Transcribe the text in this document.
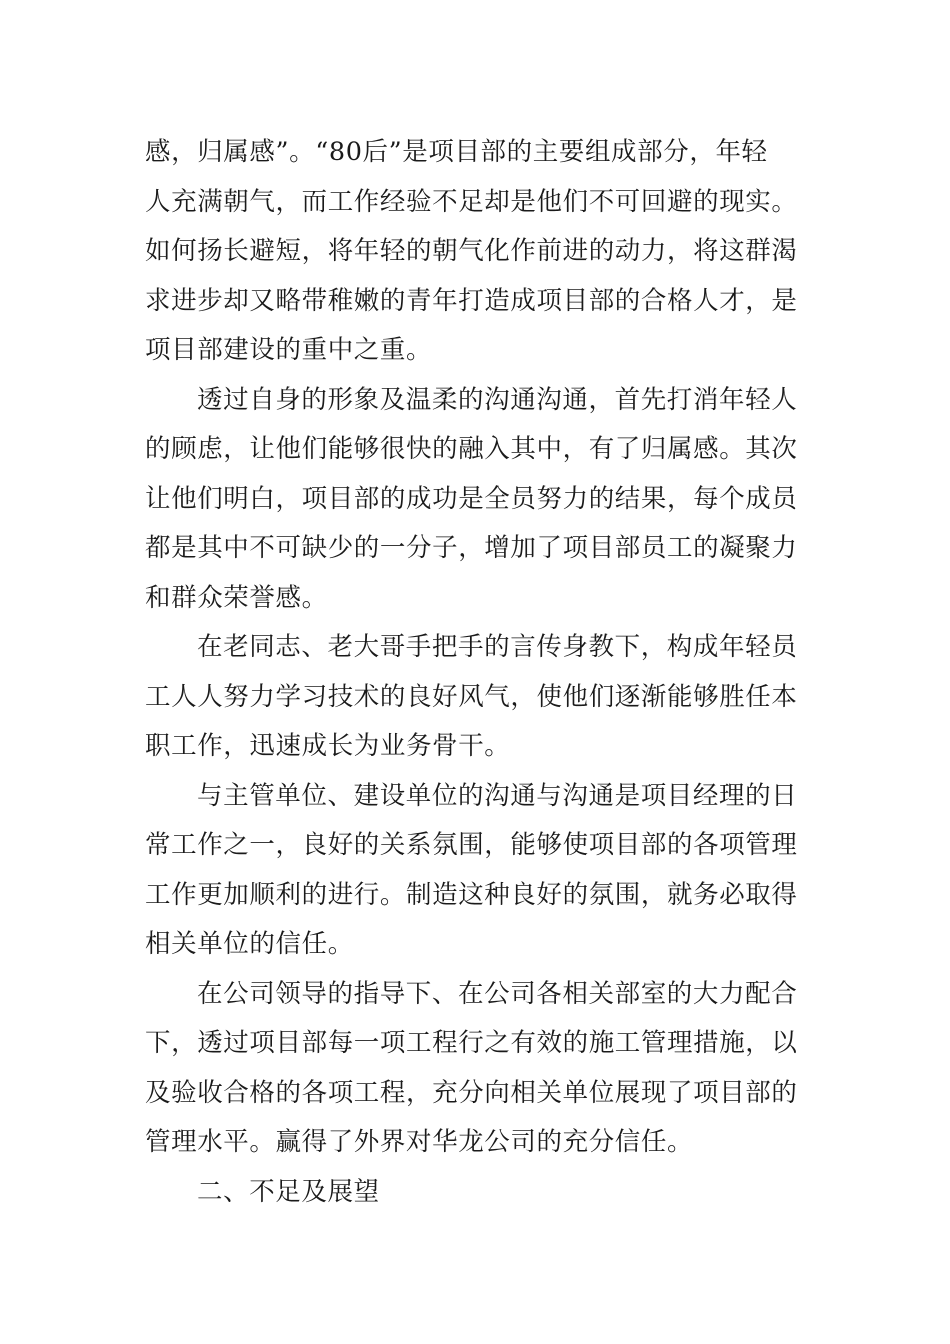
感，归属感”。“80后”是项目部的主要组成部分，年轻
人充满朝气，而工作经验不足却是他们不可回避的现实。
如何扬长避短，将年轻的朝气化作前进的动力，将这群渴
求进步却又略带稚嫩的青年打造成项目部的合格人才，是
项目部建设的重中之重。
透过自身的形象及温柔的沟通沟通，首先打消年轻人
的顾虑，让他们能够很快的融入其中，有了归属感。其次
让他们明白，项目部的成功是全员努力的结果，每个成员
都是其中不可缺少的一分子，增加了项目部员工的凝聚力
和群众荣誉感。
在老同志、老大哥手把手的言传身教下，构成年轻员
工人人努力学习技术的良好风气，使他们逐渐能够胜任本
职工作，迅速成长为业务骨干。
与主管单位、建设单位的沟通与沟通是项目经理的日
常工作之一，良好的关系氛围，能够使项目部的各项管理
工作更加顺利的进行。制造这种良好的氛围，就务必取得
相关单位的信任。
在公司领导的指导下、在公司各相关部室的大力配合
下，透过项目部每一项工程行之有效的施工管理措施，以
及验收合格的各项工程，充分向相关单位展现了项目部的
管理水平。赢得了外界对华龙公司的充分信任。
二、不足及展望
